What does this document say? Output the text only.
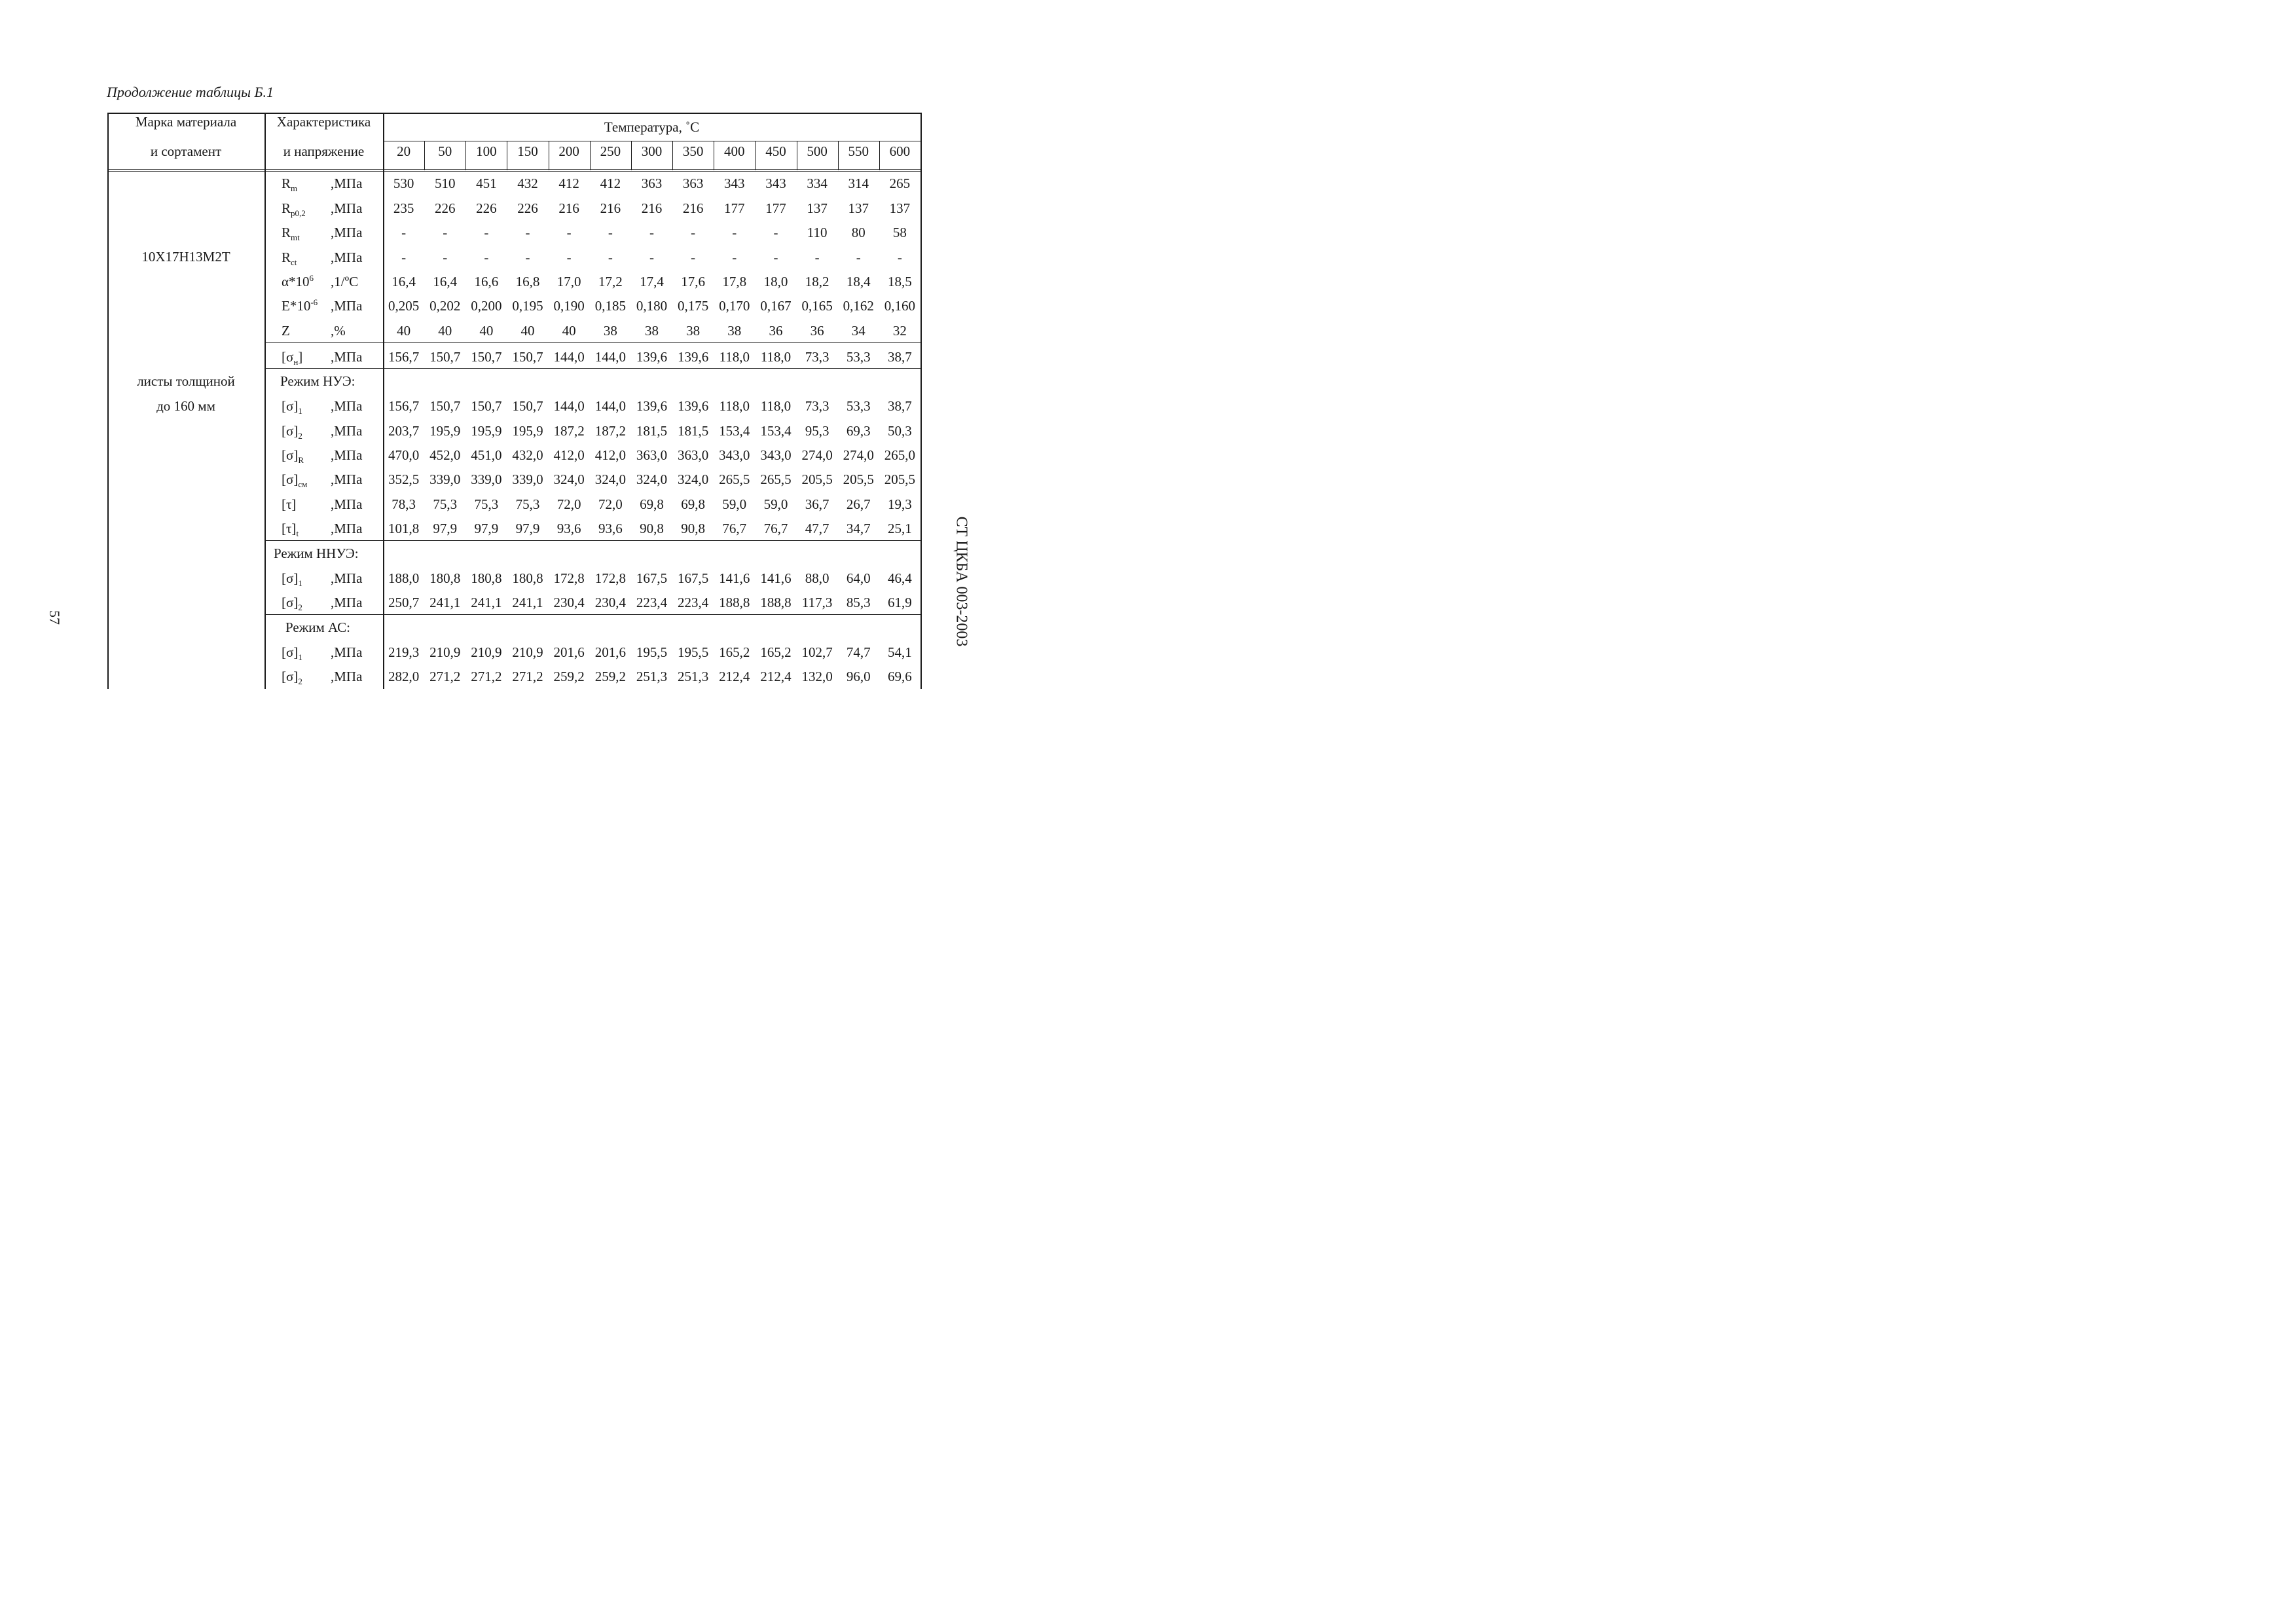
Продолжение таблицы Б.1
57	СТ ЦКБА 003-2003
Марка материала
и сортамент
Характеристика
и напряжение
Температура, ˚С
20	50	100	150	200	250	300	350	400	450	500	550	600
10Х17Н13М2Т
листы толщиной
до 160 мм
$R_m$ ,МПа	530	510	451	432	412	412	363	363	343	343	334	314	265
$R_{p0,2}$ ,МПа	235	226	226	226	216	216	216	216	177	177	137	137	137
$R_{mt}$ ,МПа	-	-	-	-	-	-	-	-	-	-	110	80	58
$R_{ct}$ ,МПа	-	-	-	-	-	-	-	-	-	-	-	-	-
$\alpha*10^6$ ,1/ºС	16,4	16,4	16,6	16,8	17,0	17,2	17,4	17,6	17,8	18,0	18,2	18,4	18,5
$E*10^{-6}$ ,МПа	0,205 0,202 0,200 0,195 0,190 0,185 0,180 0,175 0,170 0,167 0,165 0,162 0,160
Z	,%	40	40	40	40	40	38	38	38	38	36	36	34	32
$[\sigma_н]$ ,МПа	156,7 150,7 150,7 150,7 144,0 144,0 139,6 139,6 118,0 118,0	73,3	53,3	38,7
Режим НУЭ:
$[\sigma]_1$ ,МПа	156,7 150,7 150,7 150,7 144,0 144,0 139,6 139,6 118,0 118,0	73,3	53,3	38,7
$[\sigma]_2$ ,МПа	203,7 195,9 195,9 195,9 187,2 187,2 181,5 181,5 153,4 153,4	95,3	69,3	50,3
$[\sigma]_R$ ,МПа	470,0 452,0 451,0 432,0 412,0 412,0 363,0 363,0 343,0 343,0 274,0 274,0 265,0
$[\sigma]_{см}$ ,МПа	352,5 339,0 339,0 339,0 324,0 324,0 324,0 324,0 265,5 265,5 205,5 205,5 205,5
[τ]	,МПа	78,3	75,3	75,3	75,3	72,0	72,0	69,8	69,8	59,0	59,0	36,7	26,7	19,3
$[\tau]_t$ ,МПа	101,8	97,9	97,9	97,9	93,6	93,6	90,8	90,8	76,7	76,7	47,7	34,7	25,1
Режим ННУЭ:
$[\sigma]_1$ ,МПа	188,0 180,8 180,8 180,8 172,8 172,8 167,5 167,5 141,6 141,6	88,0	64,0	46,4
$[\sigma]_2$ ,МПа	250,7 241,1 241,1 241,1 230,4 230,4 223,4 223,4 188,8 188,8 117,3	85,3	61,9
Режим АС:
$[\sigma]_1$ ,МПа	219,3 210,9 210,9 210,9 201,6 201,6 195,5 195,5 165,2 165,2 102,7	74,7	54,1
$[\sigma]_2$ ,МПа	282,0 271,2 271,2 271,2 259,2 259,2 251,3 251,3 212,4 212,4 132,0	96,0	69,6
